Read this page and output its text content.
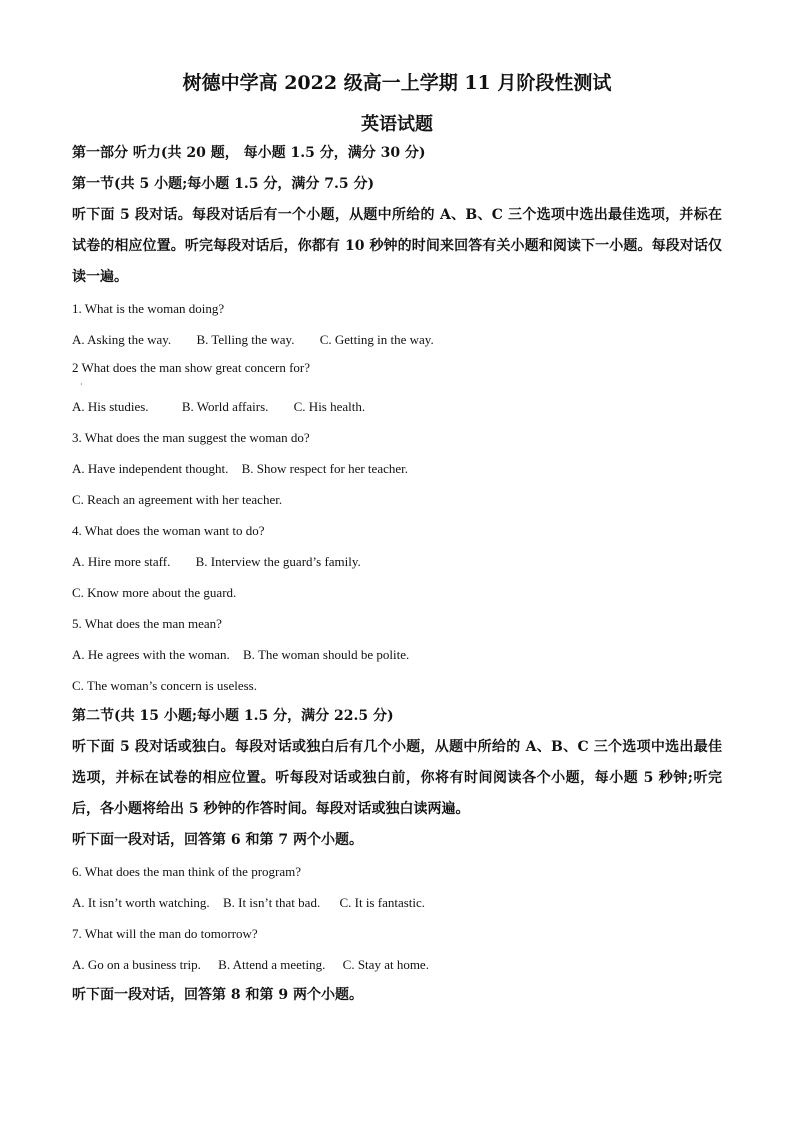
树德中学高 2022 级高一上学期 11 月阶段性测试
英语试题
第一部分 听力(共 20 题， 每小题 1.5 分，满分 30 分)
第一节(共 5 小题;每小题 1.5 分，满分 7.5 分)
听下面 5 段对话。每段对话后有一个小题，从题中所给的 A、B、C 三个选项中选出最佳选项，并标在试卷的相应位置。听完每段对话后，你都有 10 秒钟的时间来回答有关小题和阅读下一小题。每段对话仅读一遍。
1. What is the woman doing?
A. Asking the way. B. Telling the way. C. Getting in the way.
2 What does the man show great concern for?
·
A. His studies.	B. World affairs. C. His health.
3. What does the man suggest the woman do?
A. Have independent thought. B. Show respect for her teacher.
C. Reach an agreement with her teacher.
4. What does the woman want to do?
A. Hire more staff. B. Interview the guard’s family.
C. Know more about the guard.
5. What does the man mean?
A. He agrees with the woman. B. The woman should be polite.
C. The woman’s concern is useless.
第二节(共 15 小题;每小题 1.5 分，满分 22.5 分)
听下面 5 段对话或独白。每段对话或独白后有几个小题，从题中所给的 A、B、C 三个选项中选出最佳选项，并标在试卷的相应位置。听每段对话或独白前，你将有时间阅读各个小题，每小题 5 秒钟;听完后，各小题将给出 5 秒钟的作答时间。每段对话或独白读两遍。
听下面一段对话，回答第 6 和第 7 两个小题。
6. What does the man think of the program?
A. It isn’t worth watching. B. It isn’t that bad. C. It is fantastic.
7. What will the man do tomorrow?
A. Go on a business trip. B. Attend a meeting. C. Stay at home.
听下面一段对话，回答第 8 和第 9 两个小题。
